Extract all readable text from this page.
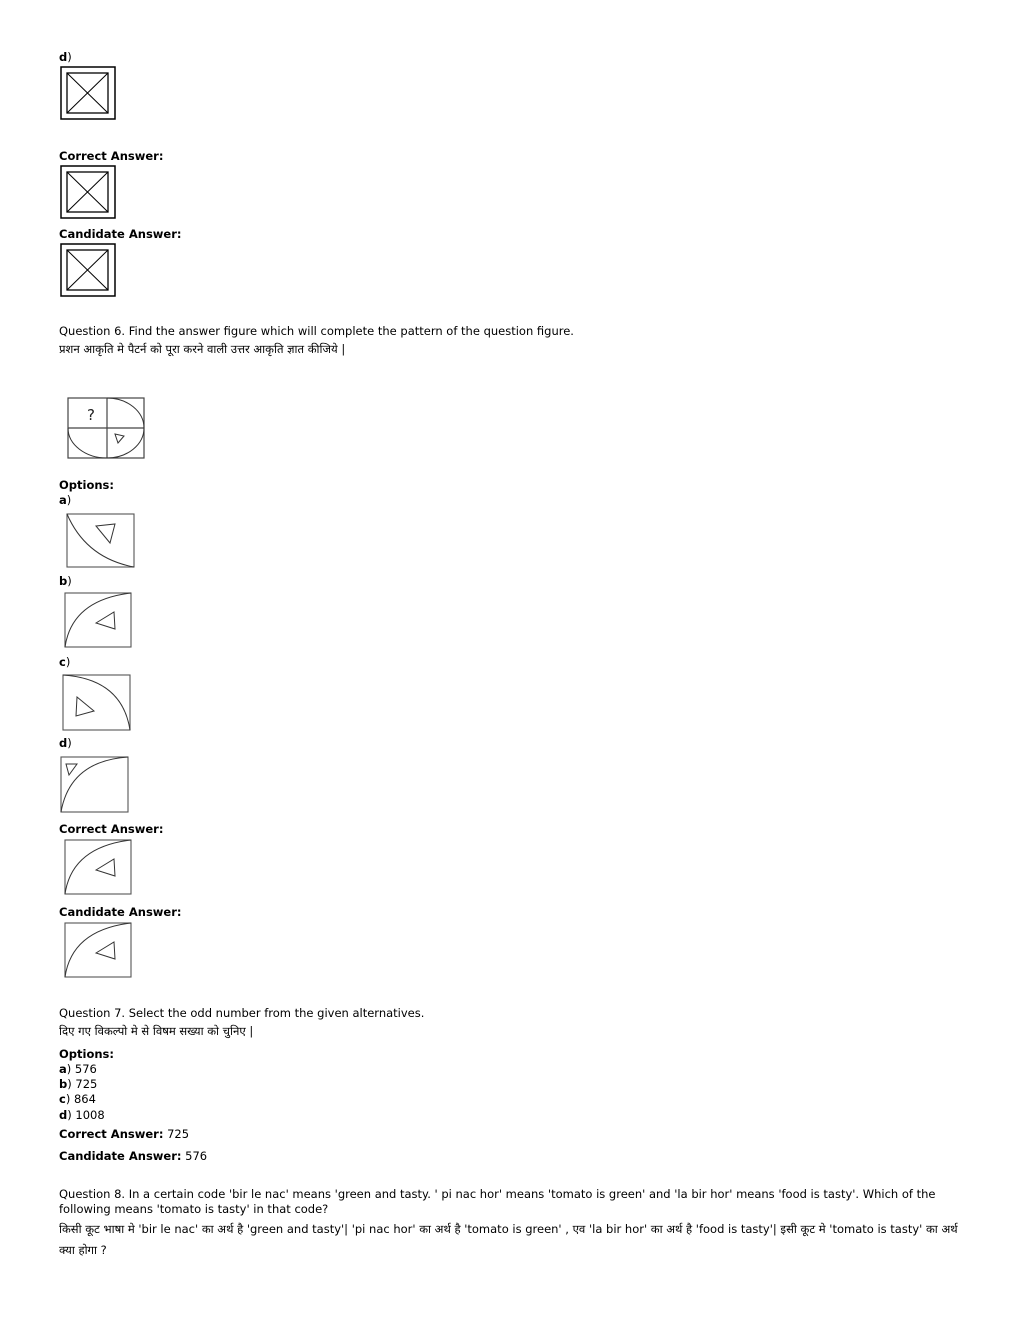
d)
Correct Answer:
Candidate Answer:
Question 6. Find the answer figure which will complete the pattern of the question figure.
प्रशन आकृति मे पैटर्न को पूरा करने वाली उत्तर आकृति ज्ञात कीजिये |
?
Options:
a)
b)
c)
d)
Correct Answer:
Candidate Answer:
Question 7. Select the odd number from the given alternatives.
दिए गए विकल्पो मे से विषम सख्या को चुनिए |
Options:
a) 576
b) 725
c) 864
d) 1008
Correct Answer: 725
Candidate Answer: 576
Question 8. In a certain code 'bir le nac' means 'green and tasty. ' pi nac hor' means 'tomato is green' and 'la bir hor' means 'food is tasty'. Which of the following means 'tomato is tasty' in that code?
किसी कूट भाषा मे 'bir le nac' का अर्थ है 'green and tasty'| 'pi nac hor' का अर्थ है 'tomato is green' , एव 'la bir hor' का अर्थ है 'food is tasty'| इसी कूट मे 'tomato is tasty' का अर्थ क्या होगा ?
